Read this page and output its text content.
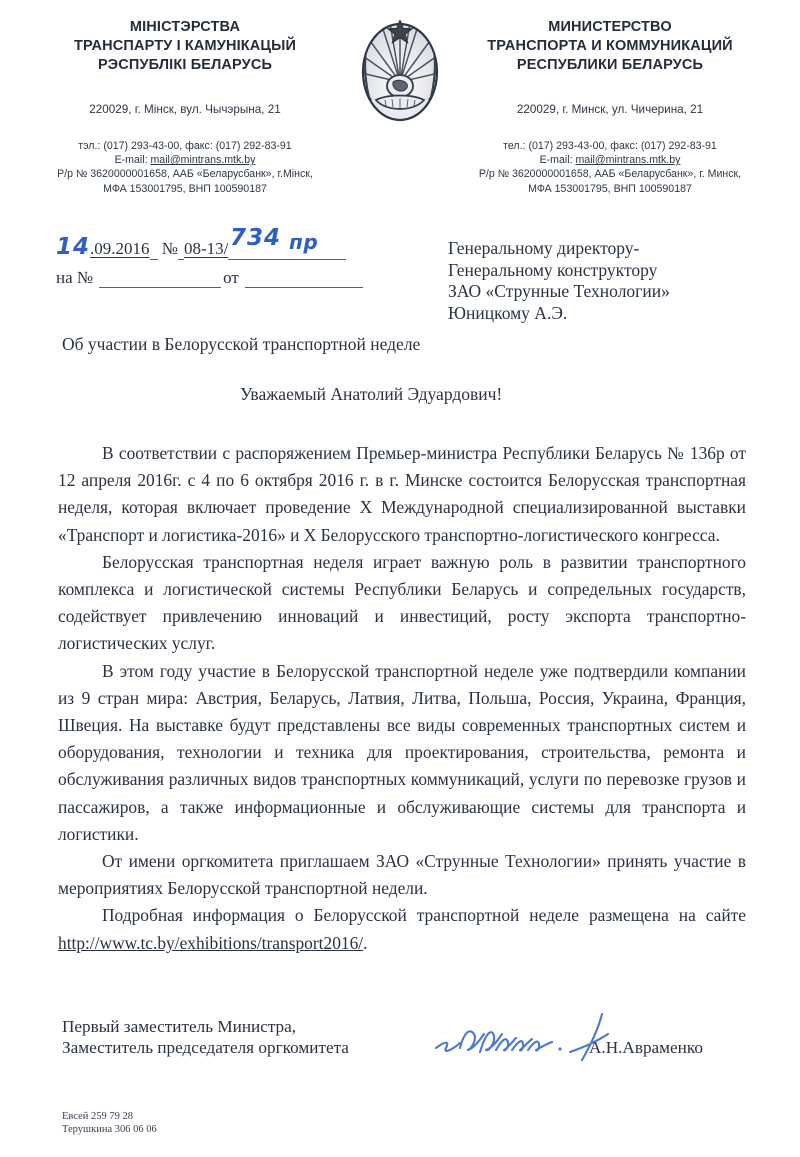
МІНІСТЭРСТВА
ТРАНСПАРТУ І КАМУНІКАЦЫЙ
РЭСПУБЛІКІ БЕЛАРУСЬ
220029, г. Мінск, вул. Чычэрына, 21
тэл.: (017) 293-43-00, факс: (017) 292-83-91
E-mail: mail@mintrans.mtk.by
Р/р № 3620000001658, ААБ «Беларусбанк», г.Мінск,
МФА 153001795, ВНП 100590187
МИНИСТЕРСТВО
ТРАНСПОРТА И КОММУНИКАЦИЙ
РЕСПУБЛИКИ БЕЛАРУСЬ
220029, г. Минск, ул. Чичерина, 21
тел.: (017) 293-43-00, факс: (017) 292-83-91
E-mail: mail@mintrans.mtk.by
Р/р № 3620000001658, ААБ «Беларусбанк», г. Минск,
МФА 153001795, ВНП 100590187
14.09.2016 № 08-13/ 734 пр
на №	от
Генеральному директору-
Генеральному конструктору
ЗАО «Струнные Технологии»
Юницкому А.Э.
Об участии в Белорусской транспортной неделе
Уважаемый Анатолий Эдуардович!

В соответствии с распоряжением Премьер-министра Республики Беларусь № 136р от 12 апреля 2016г. с 4 по 6 октября 2016 г. в г. Минске состоится Белорусская транспортная неделя, которая включает проведение X Международной специализированной выставки «Транспорт и логистика-2016» и X Белорусского транспортно-логистического конгресса.

Белорусская транспортная неделя играет важную роль в развитии транспортного комплекса и логистической системы Республики Беларусь и сопредельных государств, содействует привлечению инноваций и инвестиций, росту экспорта транспортно-логистических услуг.

В этом году участие в Белорусской транспортной неделе уже подтвердили компании из 9 стран мира: Австрия, Беларусь, Латвия, Литва, Польша, Россия, Украина, Франция, Швеция. На выставке будут представлены все виды современных транспортных систем и оборудования, технологии и техника для проектирования, строительства, ремонта и обслуживания различных видов транспортных коммуникаций, услуги по перевозке грузов и пассажиров, а также информационные и обслуживающие системы для транспорта и логистики.

От имени оргкомитета приглашаем ЗАО «Струнные Технологии» принять участие в мероприятиях Белорусской транспортной недели.

Подробная информация о Белорусской транспортной неделе размещена на сайте http://www.tc.by/exhibitions/transport2016/.

Первый заместитель Министра,
Заместитель председателя оргкомитета	А.Н.Авраменко
Евсей 259 79 28
Терушкина 306 06 06
